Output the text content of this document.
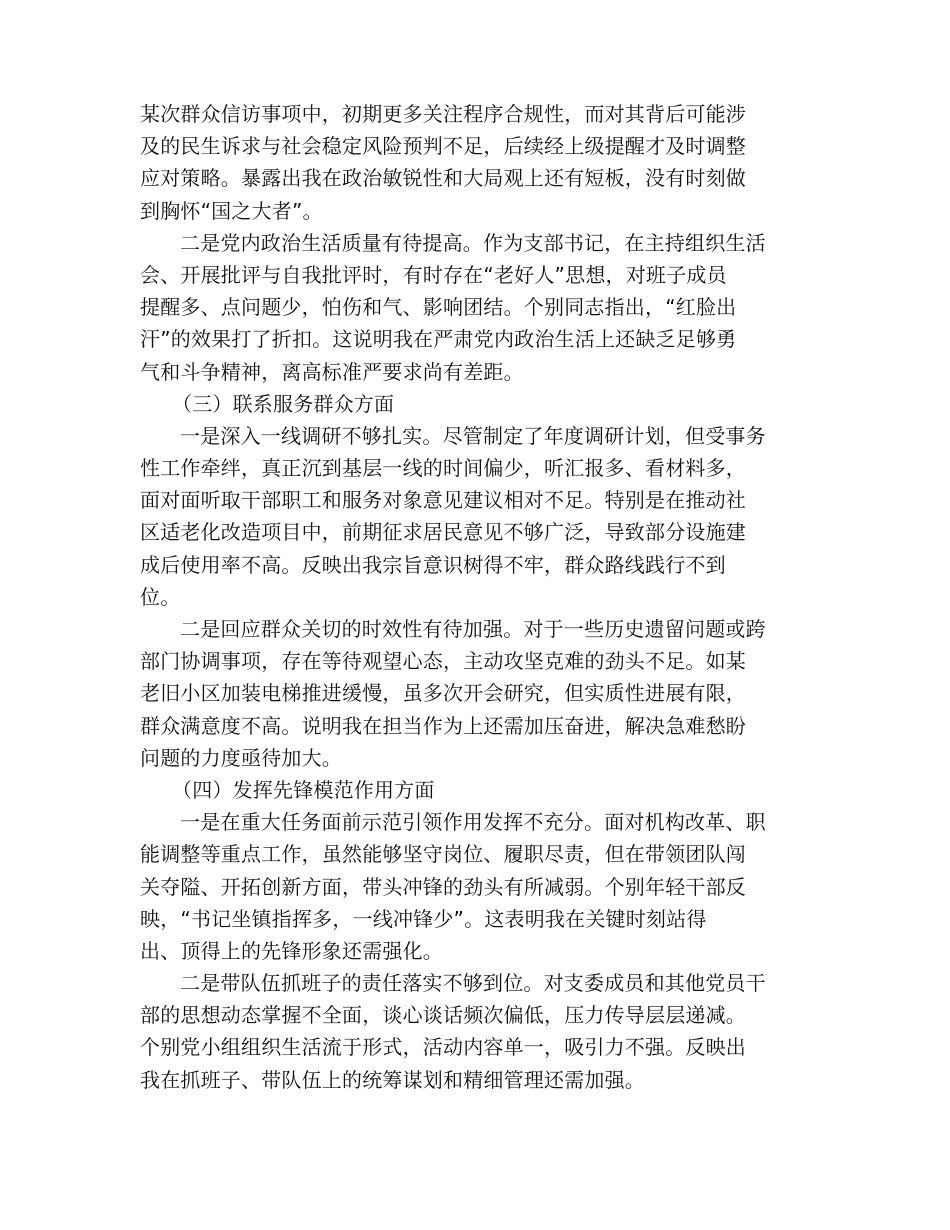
某次群众信访事项中，初期更多关注程序合规性，而对其背后可能涉
及的民生诉求与社会稳定风险预判不足，后续经上级提醒才及时调整
应对策略。暴露出我在政治敏锐性和大局观上还有短板，没有时刻做
到胸怀“国之大者”。
二是党内政治生活质量有待提高。作为支部书记，在主持组织生活
会、开展批评与自我批评时，有时存在“老好人”思想，对班子成员
提醒多、点问题少，怕伤和气、影响团结。个别同志指出，“红脸出
汗”的效果打了折扣。这说明我在严肃党内政治生活上还缺乏足够勇
气和斗争精神，离高标准严要求尚有差距。
（三）联系服务群众方面
一是深入一线调研不够扎实。尽管制定了年度调研计划，但受事务
性工作牵绊，真正沉到基层一线的时间偏少，听汇报多、看材料多，
面对面听取干部职工和服务对象意见建议相对不足。特别是在推动社
区适老化改造项目中，前期征求居民意见不够广泛，导致部分设施建
成后使用率不高。反映出我宗旨意识树得不牢，群众路线践行不到
位。
二是回应群众关切的时效性有待加强。对于一些历史遗留问题或跨
部门协调事项，存在等待观望心态，主动攻坚克难的劲头不足。如某
老旧小区加装电梯推进缓慢，虽多次开会研究，但实质性进展有限，
群众满意度不高。说明我在担当作为上还需加压奋进，解决急难愁盼
问题的力度亟待加大。
（四）发挥先锋模范作用方面
一是在重大任务面前示范引领作用发挥不充分。面对机构改革、职
能调整等重点工作，虽然能够坚守岗位、履职尽责，但在带领团队闯
关夺隘、开拓创新方面，带头冲锋的劲头有所减弱。个别年轻干部反
映，“书记坐镇指挥多，一线冲锋少”。这表明我在关键时刻站得
出、顶得上的先锋形象还需强化。
二是带队伍抓班子的责任落实不够到位。对支委成员和其他党员干
部的思想动态掌握不全面，谈心谈话频次偏低，压力传导层层递减。
个别党小组组织生活流于形式，活动内容单一，吸引力不强。反映出
我在抓班子、带队伍上的统筹谋划和精细管理还需加强。
